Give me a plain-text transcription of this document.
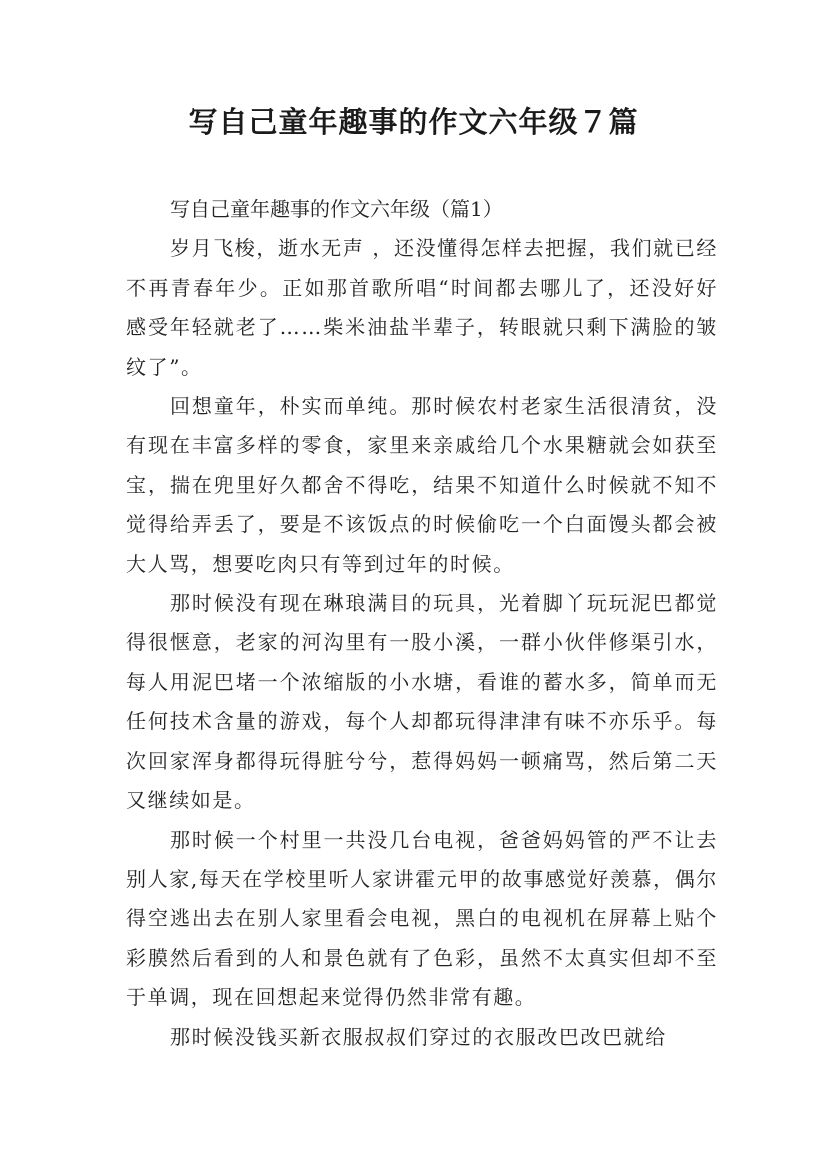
写自己童年趣事的作文六年级７篇

写自己童年趣事的作文六年级（篇1）

岁月飞梭，逝水无声 ，还没懂得怎样去把握，我们就已经不再青春年少。正如那首歌所唱“时间都去哪儿了，还没好好感受年轻就老了……柴米油盐半辈子，转眼就只剩下满脸的皱纹了”。

回想童年，朴实而单纯。那时候农村老家生活很清贫，没有现在丰富多样的零食，家里来亲戚给几个水果糖就会如获至宝，揣在兜里好久都舍不得吃，结果不知道什么时候就不知不觉得给弄丢了，要是不该饭点的时候偷吃一个白面馒头都会被大人骂，想要吃肉只有等到过年的时候。

那时候没有现在琳琅满目的玩具，光着脚丫玩玩泥巴都觉得很惬意，老家的河沟里有一股小溪，一群小伙伴修渠引水，每人用泥巴堵一个浓缩版的小水塘，看谁的蓄水多，简单而无任何技术含量的游戏，每个人却都玩得津津有味不亦乐乎。每次回家浑身都得玩得脏兮兮，惹得妈妈一顿痛骂，然后第二天又继续如是。

那时候一个村里一共没几台电视，爸爸妈妈管的严不让去别人家,每天在学校里听人家讲霍元甲的故事感觉好羡慕，偶尔得空逃出去在别人家里看会电视，黑白的电视机在屏幕上贴个彩膜然后看到的人和景色就有了色彩，虽然不太真实但却不至于单调，现在回想起来觉得仍然非常有趣。

那时候没钱买新衣服叔叔们穿过的衣服改巴改巴就给
